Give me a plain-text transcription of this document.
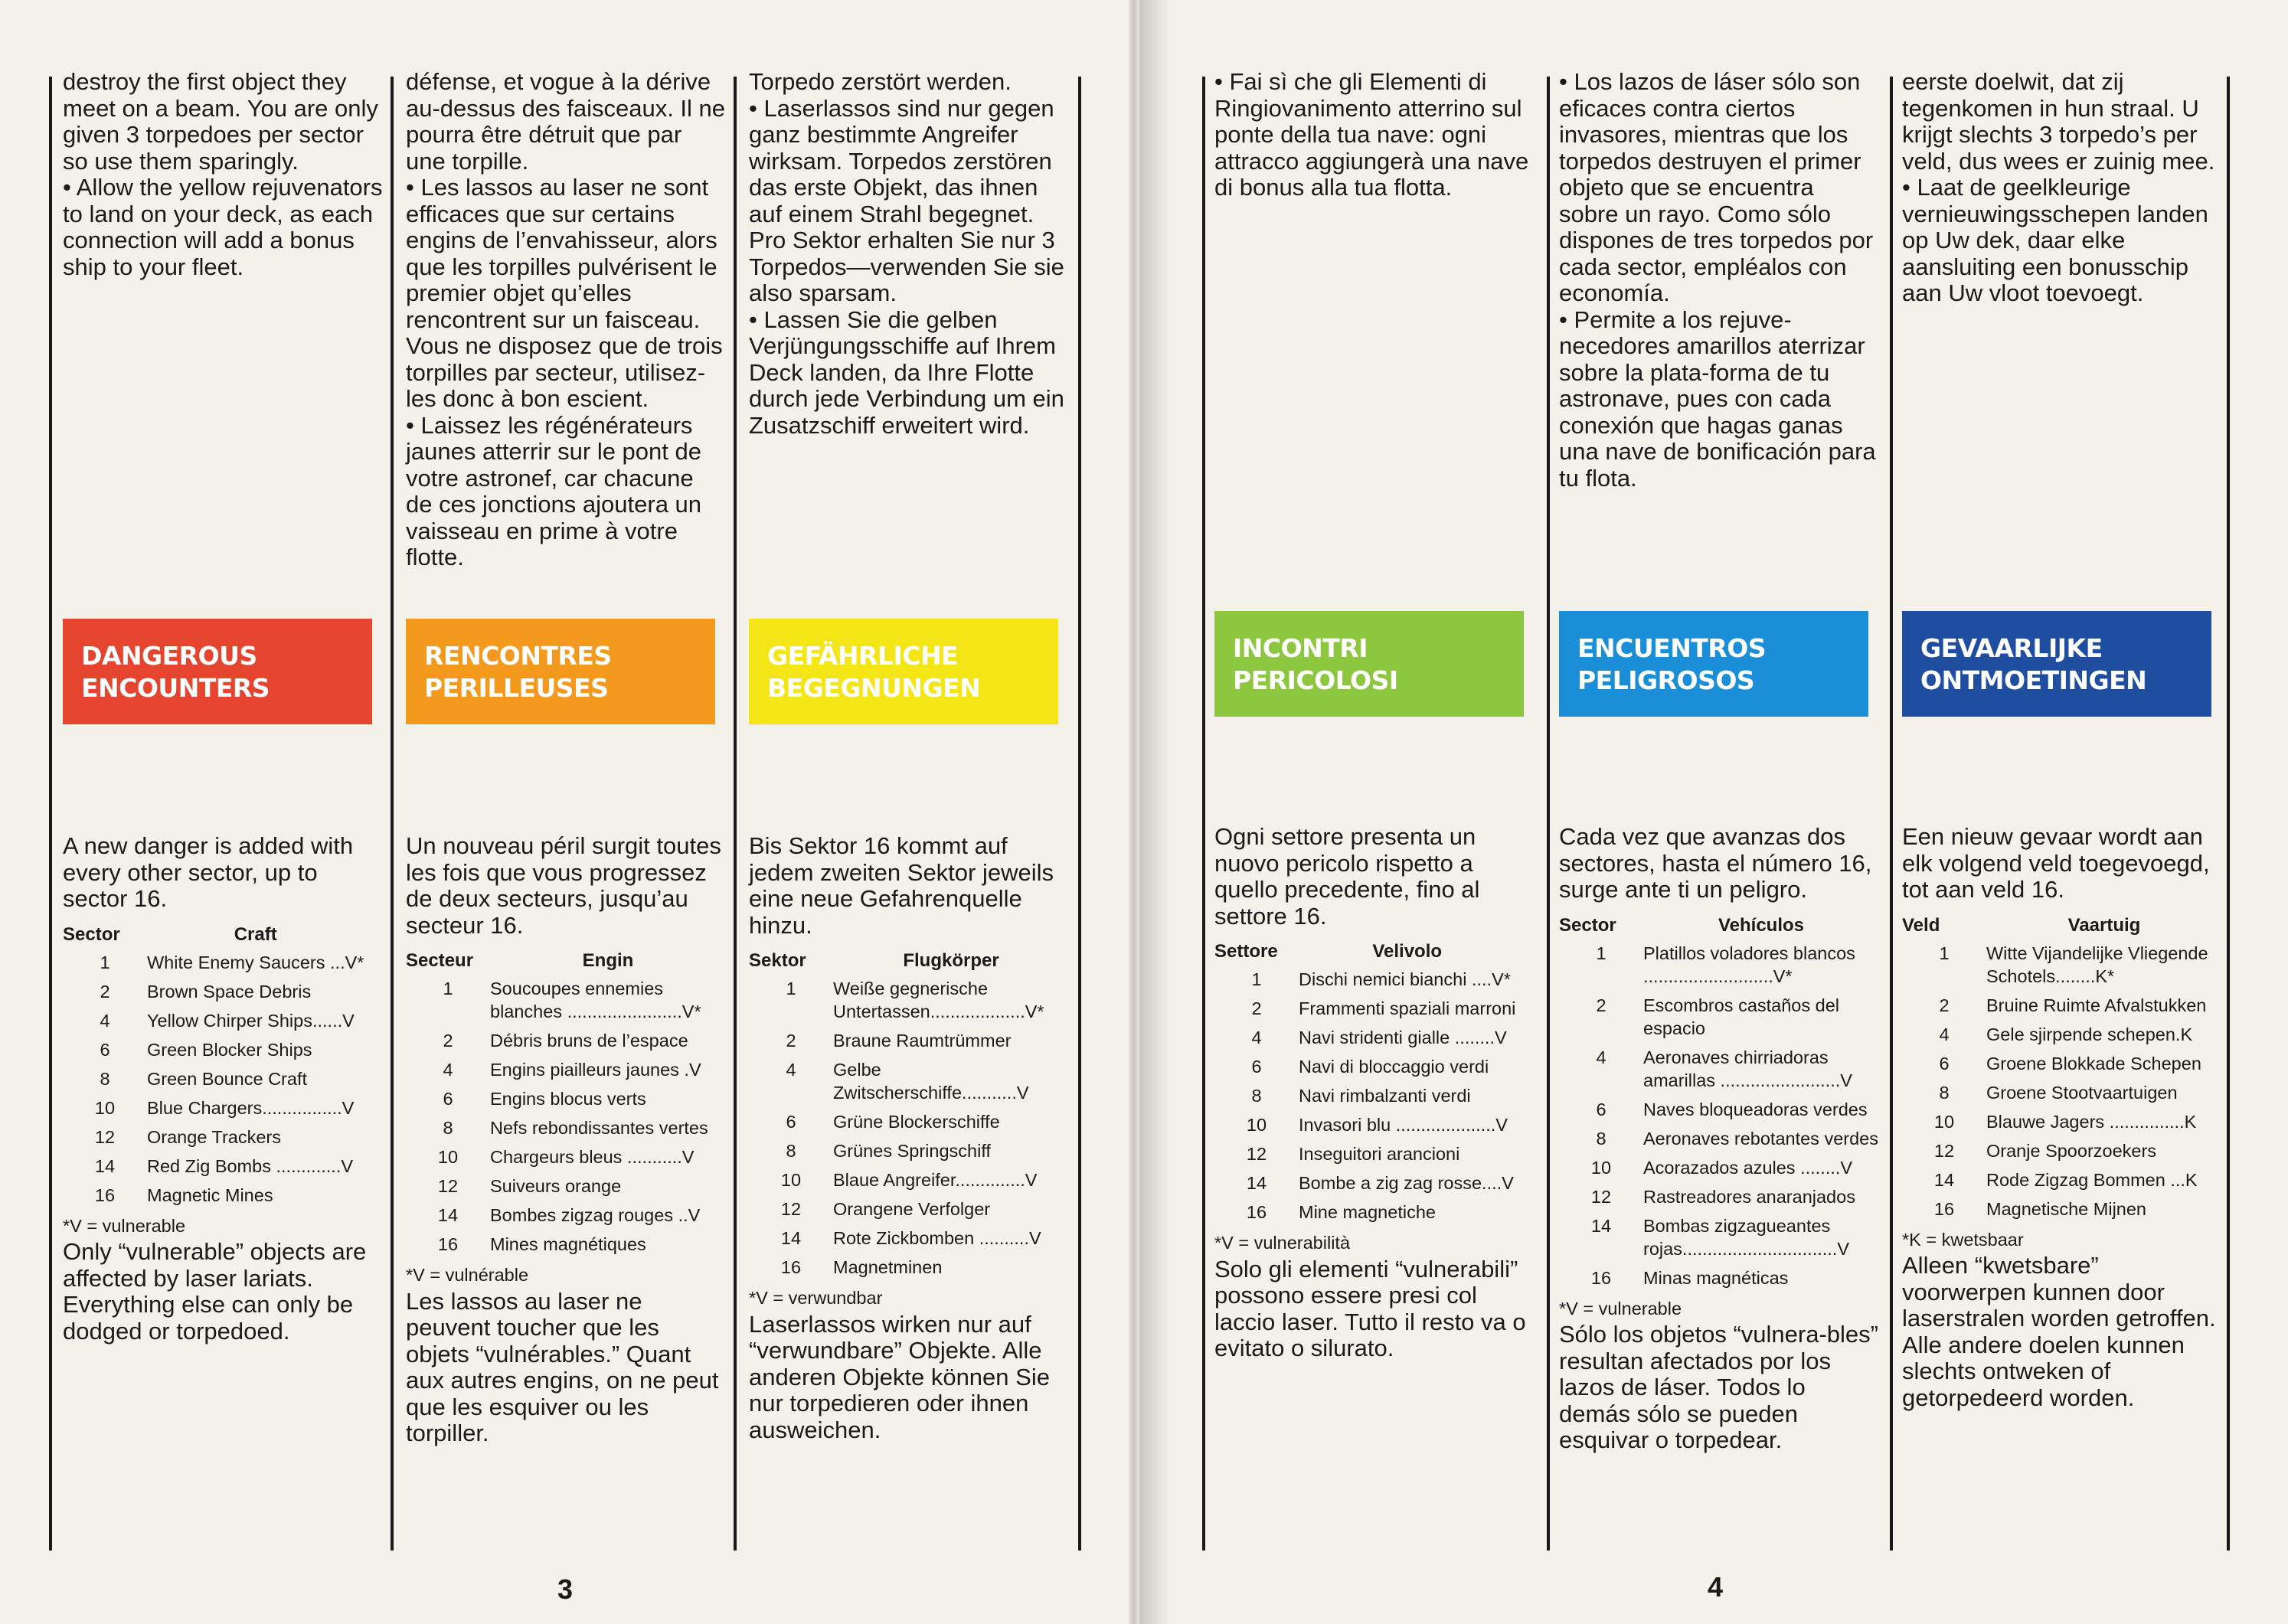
destroy the first object they meet on a beam. You are only given 3 torpedoes per sector so use them sparingly.

• Allow the yellow rejuvenators to land on your deck, as each connection will add a bonus ship to your fleet.

DANGEROUS
ENCOUNTERS

A new danger is added with every other sector, up to sector 16.

Sector	Craft
1	White Enemy Saucers ...V*
2	Brown Space Debris
4	Yellow Chirper Ships......V
6	Green Blocker Ships
8	Green Bounce Craft
10	Blue Chargers................V
12	Orange Trackers
14	Red Zig Bombs .............V
16	Magnetic Mines

*V = vulnerable

Only “vulnerable” objects are affected by laser lariats. Everything else can only be dodged or torpedoed.

défense, et vogue à la dérive au-dessus des faisceaux. Il ne pourra être détruit que par une torpille.

• Les lassos au laser ne sont efficaces que sur certains engins de l’envahisseur, alors que les torpilles pulvérisent le premier objet qu’elles rencontrent sur un faisceau. Vous ne disposez que de trois torpilles par secteur, utilisez-les donc à bon escient.

• Laissez les régénérateurs jaunes atterrir sur le pont de votre astronef, car chacune de ces jonctions ajoutera un vaisseau en prime à votre flotte.

RENCONTRES
PERILLEUSES

Un nouveau péril surgit toutes les fois que vous progressez de deux secteurs, jusqu’au secteur 16.

Secteur	Engin
1	Soucoupes ennemies blanches .......................V*
2	Débris bruns de l’espace
4	Engins piailleurs jaunes .V
6	Engins blocus verts
8	Nefs rebondissantes vertes
10	Chargeurs bleus ...........V
12	Suiveurs orange
14	Bombes zigzag rouges ..V
16	Mines magnétiques

*V = vulnérable

Les lassos au laser ne peuvent toucher que les objets “vulnérables.” Quant aux autres engins, on ne peut que les esquiver ou les torpiller.

Torpedo zerstört werden.

• Laserlassos sind nur gegen ganz bestimmte Angreifer wirksam. Torpedos zerstören das erste Objekt, das ihnen auf einem Strahl begegnet. Pro Sektor erhalten Sie nur 3 Torpedos—verwenden Sie sie also sparsam.

• Lassen Sie die gelben Verjüngungsschiffe auf Ihrem Deck landen, da Ihre Flotte durch jede Verbindung um ein Zusatzschiff erweitert wird.

GEFÄHRLICHE
BEGEGNUNGEN

Bis Sektor 16 kommt auf jedem zweiten Sektor jeweils eine neue Gefahrenquelle hinzu.

Sektor	Flugkörper
1	Weiße gegnerische Untertassen...................V*
2	Braune Raumtrümmer
4	Gelbe Zwitscherschiffe...........V
6	Grüne Blockerschiffe
8	Grünes Springschiff
10	Blaue Angreifer..............V
12	Orangene Verfolger
14	Rote Zickbomben ..........V
16	Magnetminen

*V = verwundbar

Laserlassos wirken nur auf “verwundbare” Objekte. Alle anderen Objekte können Sie nur torpedieren oder ihnen ausweichen.

• Fai sì che gli Elementi di Ringiovanimento atterrino sul ponte della tua nave: ogni attracco aggiungerà una nave di bonus alla tua flotta.

INCONTRI
PERICOLOSI

Ogni settore presenta un nuovo pericolo rispetto a quello precedente, fino al settore 16.

Settore	Velivolo
1	Dischi nemici bianchi ....V*
2	Frammenti spaziali marroni
4	Navi stridenti gialle ........V
6	Navi di bloccaggio verdi
8	Navi rimbalzanti verdi
10	Invasori blu ....................V
12	Inseguitori arancioni
14	Bombe a zig zag rosse....V
16	Mine magnetiche

*V = vulnerabilità

Solo gli elementi “vulnerabili” possono essere presi col laccio laser. Tutto il resto va o evitato o silurato.

• Los lazos de láser sólo son eficaces contra ciertos invasores, mientras que los torpedos destruyen el primer objeto que se encuentra sobre un rayo. Como sólo dispones de tres torpedos por cada sector, empléalos con economía.

• Permite a los rejuve-necedores amarillos aterrizar sobre la plata-forma de tu astronave, pues con cada conexión que hagas ganas una nave de bonificación para tu flota.

ENCUENTROS
PELIGROSOS

Cada vez que avanzas dos sectores, hasta el número 16, surge ante ti un peligro.

Sector	Vehículos
1	Platillos voladores blancos ..........................V*
2	Escombros castaños del espacio
4	Aeronaves chirriadoras amarillas ........................V
6	Naves bloqueadoras verdes
8	Aeronaves rebotantes verdes
10	Acorazados azules ........V
12	Rastreadores anaranjados
14	Bombas zigzagueantes rojas...............................V
16	Minas magnéticas

*V = vulnerable

Sólo los objetos “vulnera-bles” resultan afectados por los lazos de láser. Todos lo demás sólo se pueden esquivar o torpedear.

eerste doelwit, dat zij tegenkomen in hun straal. U krijgt slechts 3 torpedo’s per veld, dus wees er zuinig mee.

• Laat de geelkleurige vernieuwingsschepen landen op Uw dek, daar elke aansluiting een bonusschip aan Uw vloot toevoegt.

GEVAARLIJKE
ONTMOETINGEN

Een nieuw gevaar wordt aan elk volgend veld toegevoegd, tot aan veld 16.

Veld	Vaartuig
1	Witte Vijandelijke Vliegende Schotels........K*
2	Bruine Ruimte Afvalstukken
4	Gele sjirpende schepen.K
6	Groene Blokkade Schepen
8	Groene Stootvaartuigen
10	Blauwe Jagers ...............K
12	Oranje Spoorzoekers
14	Rode Zigzag Bommen ...K
16	Magnetische Mijnen

*K = kwetsbaar

Alleen “kwetsbare” voorwerpen kunnen door laserstralen worden getroffen. Alle andere doelen kunnen slechts ontweken of getorpedeerd worden.

3	4
